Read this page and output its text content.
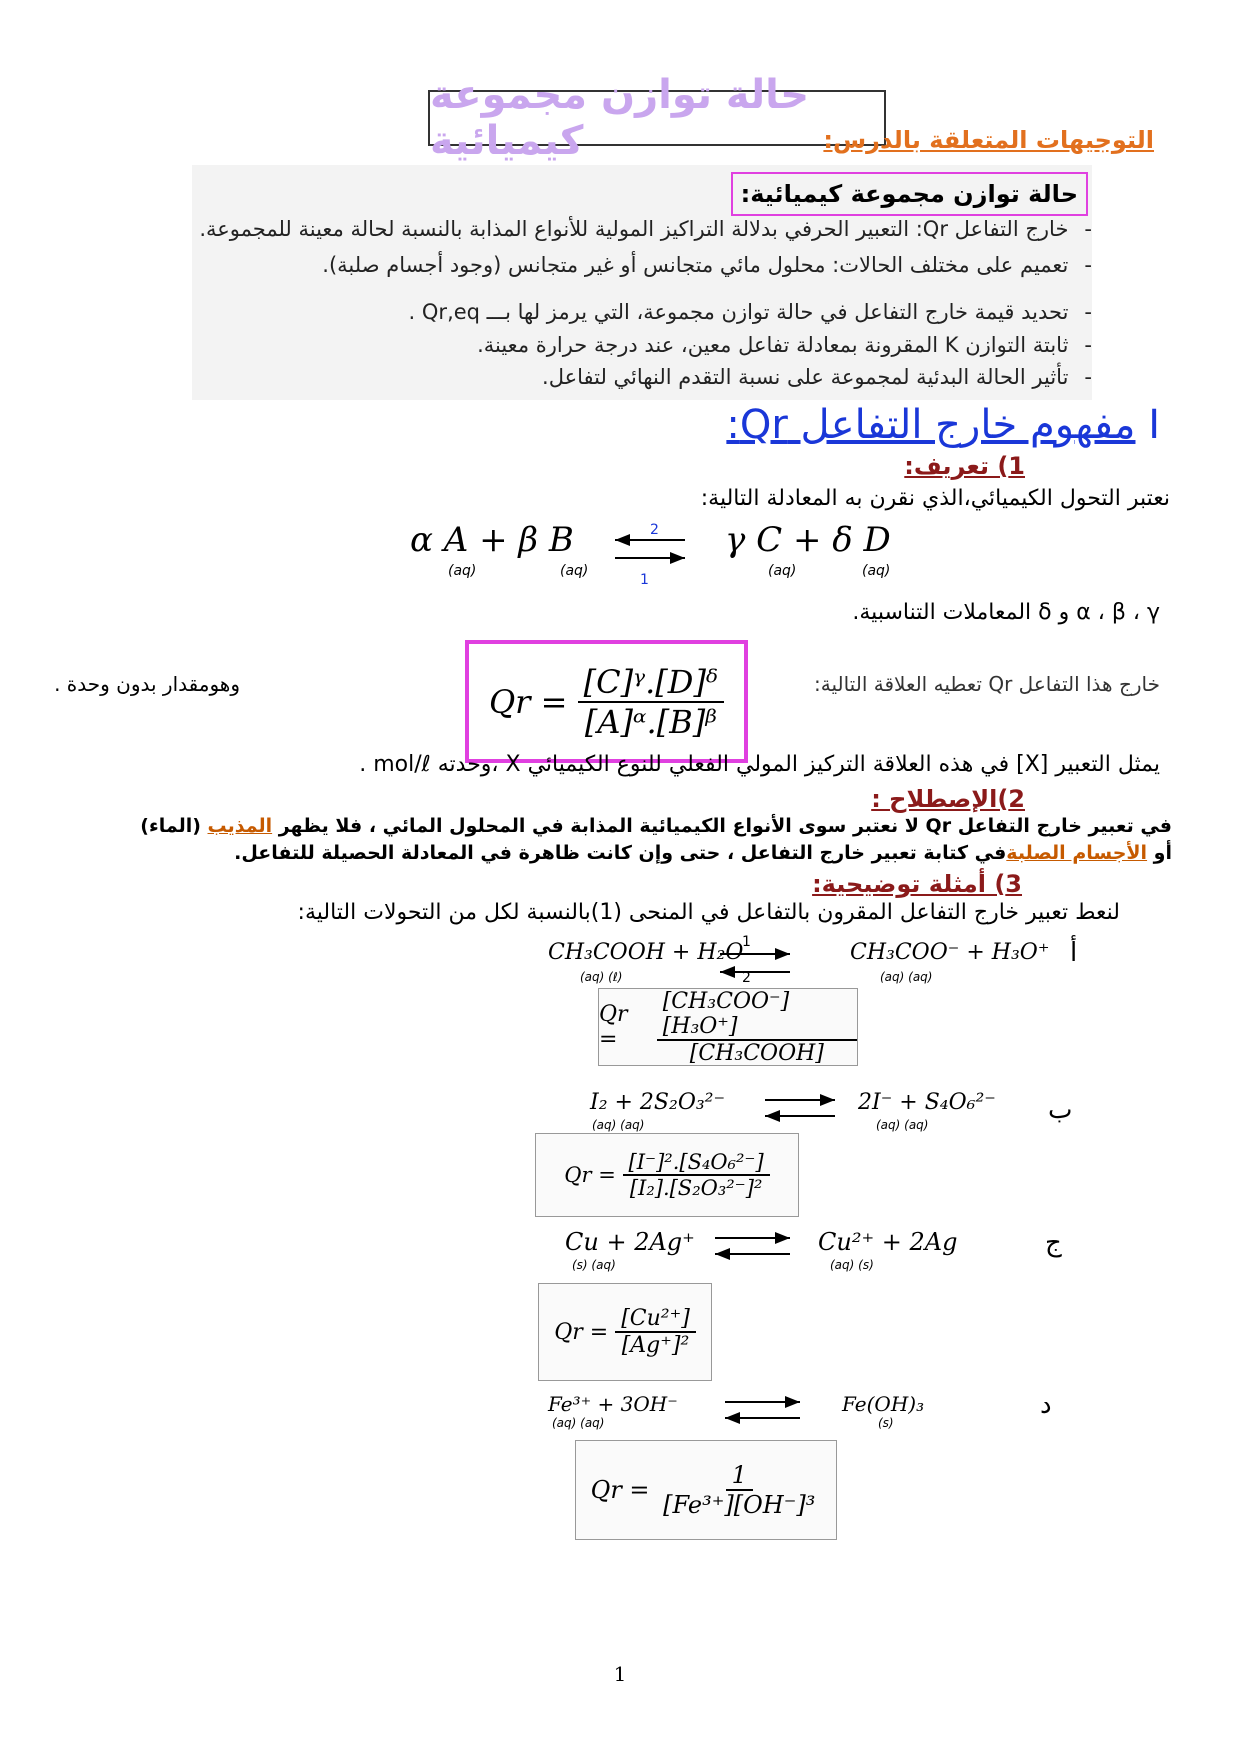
حالة توازن مجموعة كيميائية	التوجيهات المتعلقة بالدرس:
-خارج التفاعل Qr: التعبير الحرفي بدلالة التراكيز المولية للأنواع المذابة بالنسبة لحالة معينة للمجموعة.
-تعميم على مختلف الحالات: محلول مائي متجانس أو غير متجانس (وجود أجسام صلبة).
-تحديد قيمة خارج التفاعل في حالة توازن مجموعة، التي يرمز لها بـــ Qr,eq .
-ثابتة التوازن K المقرونة بمعادلة تفاعل معين، عند درجة حرارة معينة.
-تأثير الحالة البدئية لمجموعة على نسبة التقدم النهائي لتفاعل.
حالة توازن مجموعة كيميائية:
I مفهوم خارج التفاعل Qr:
1) تعريف:
نعتبر التحول الكيميائي،الذي نقرن به المعادلة التالية:
α A + β B
(aq)	(aq)
2
1
γ C + δ D
(aq)	(aq)
α ، β ، γ و δ المعاملات التناسبية.
خارج هذا التفاعل Qr تعطيه العلاقة التالية:
Qr =
$\frac{\text{[C]ᵞ.[D]ᵟ}}{\text{[A]ᵅ.[B]ᵝ}}$
وهومقدار بدون وحدة .
يمثل التعبير [X] في هذه العلاقة التركيز المولي الفعلي للنوع الكيميائي X ،وحدته mol/ℓ .
2)الإصطلاح :
في تعبير خارج التفاعل Qr لا نعتبر سوى الأنواع الكيميائية المذابة في المحلول المائي ، فلا يظهر المذيب (الماء)
أو الأجسام الصلبةفي كتابة تعبير خارج التفاعل ، حتى وإن كانت ظاهرة في المعادلة الحصيلة للتفاعل.
3) أمثلة توضيحية:
لنعط تعبير خارج التفاعل المقرون بالتفاعل في المنحى (1)بالنسبة لكل من التحولات التالية:
أ
CH₃COOH + H₂O
(aq) (ℓ)
1
2
CH₃COO⁻ + H₃O⁺
(aq) (aq)
Qr =
	$\frac{\text{[CH₃COO⁻][H₃O⁺]}}{\text{[CH₃COOH]}}$
ب
I₂ + 2S₂O₃²⁻
(aq) (aq)
2I⁻ + S₄O₆²⁻
(aq) (aq)
Qr =
$\frac{\text{[I⁻]².[S₄O₆²⁻]}}{\text{[I₂].[S₂O₃²⁻]²}}$
ج
Cu + 2Ag⁺
(s) (aq)
Cu²⁺ + 2Ag
(aq) (s)
Qr =
$\frac{\text{[Cu²⁺]}}{\text{[Ag⁺]²}}$
د
Fe³⁺ + 3OH⁻
(aq) (aq)
Fe(OH)₃
(s)
Qr =
$\frac{1}{\text{[Fe³⁺][OH⁻]³}}$
1
